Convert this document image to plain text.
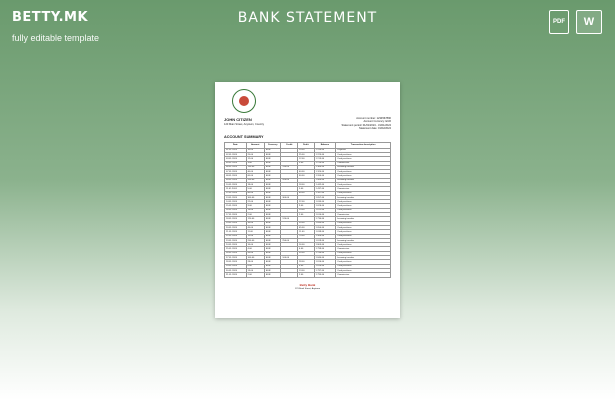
BETTY.MK
fully editable template
BANK STATEMENT	PDF	W
JOHN CITIZEN
123 Main Street, Anytown, Country
Account number: 1234567890
Account Currency: EUR
Statement period: 01/01/2024 - 31/01/2024
Statement date: 01/02/2024
ACCOUNT SUMMARY
Date	Amount	Currency	Credit	Debit	Balance	Transaction description
01.01.2024	10.00	EUR		10.00	1 250.00	Payment
02.01.2024	25.00	EUR		25.00	1 225.00	Card purchase
03.01.2024	12.00	EUR		12.00	1 213.00	Card purchase
05.01.2024	3.00	EUR		3.00	1 210.00	Commission
06.01.2024	150.00	EUR	150.00		1 360.00	Incoming transfer
07.01.2024	40.00	EUR		40.00	1 320.00	Card purchase
08.01.2024	60.00	EUR		60.00	1 260.00	Card purchase
09.01.2024	200.00	EUR	200.00		1 460.00	Incoming transfer
10.01.2024	18.00	EUR		18.00	1 442.00	Card purchase
11.01.2024	5.00	EUR		5.00	1 437.00	Commission
12.01.2024	80.00	EUR		80.00	1 357.00	Card purchase
13.01.2024	300.00	EUR	300.00		1 657.00	Incoming transfer
14.01.2024	22.00	EUR		22.00	1 635.00	Card purchase
15.01.2024	9.00	EUR		9.00	1 626.00	Card purchase
16.01.2024	14.00	EUR		14.00	1 612.00	Card purchase
17.01.2024	2.00	EUR		2.00	1 610.00	Commission
18.01.2024	120.00	EUR	120.00		1 730.00	Incoming transfer
19.01.2024	35.00	EUR		35.00	1 695.00	Card purchase
20.01.2024	45.00	EUR		45.00	1 650.00	Card purchase
21.01.2024	11.00	EUR		11.00	1 639.00	Card purchase
22.01.2024	70.00	EUR		70.00	1 569.00	Card purchase
23.01.2024	250.00	EUR	250.00		1 819.00	Incoming transfer
24.01.2024	16.00	EUR		16.00	1 803.00	Card purchase
25.01.2024	4.00	EUR		4.00	1 799.00	Commission
26.01.2024	55.00	EUR		55.00	1 744.00	Card purchase
27.01.2024	100.00	EUR	100.00		1 844.00	Incoming transfer
28.01.2024	28.00	EUR		28.00	1 816.00	Card purchase
29.01.2024	6.00	EUR		6.00	1 810.00	Card purchase
30.01.2024	13.00	EUR		13.00	1 797.00	Card purchase
31.01.2024	2.00	EUR		2.00	1 795.00	Commission
Betty Bank
123 Bank Street, Anytown
